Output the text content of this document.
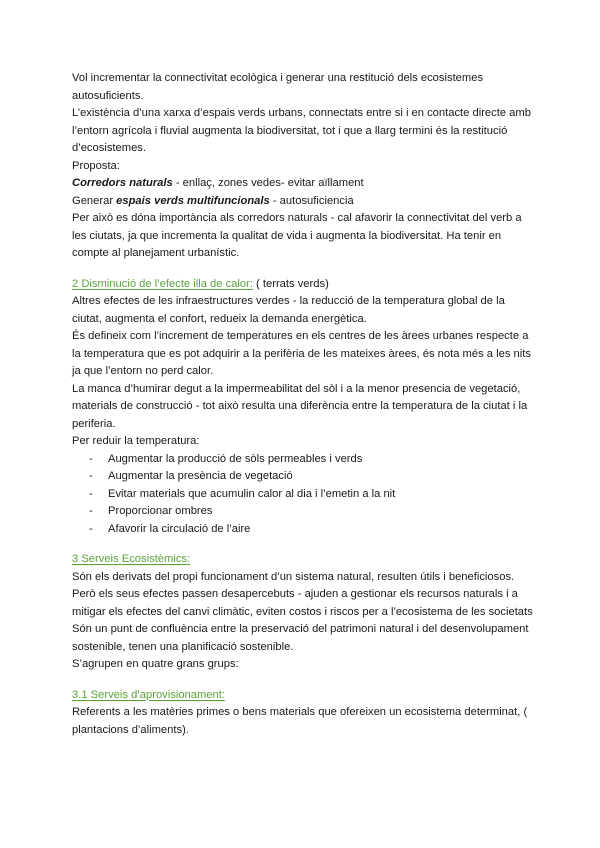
Vol incrementar la connectivitat ecològica i generar una restitució dels ecosistemes autosuficients.

L’existència d’una xarxa d’espais verds urbans, connectats entre si i en contacte directe amb l’entorn agrícola i fluvial augmenta la biodiversitat, tot i que a llarg termini és la restitució d’ecosistemes.

Proposta:

Corredors naturals - enllaç, zones vedes- evitar aïllament

Generar espais verds multifuncionals - autosuficiencia

Per això es dóna importància als corredors naturals - cal afavorir la connectivitat del verb a les ciutats, ja que incrementa la qualitat de vida i augmenta la biodiversitat. Ha tenir en compte al planejament urbanístic.

2 Disminució de l’efecte illa de calor: ( terrats verds)

Altres efectes de les infraestructures verdes - la reducció de la temperatura global de la ciutat, augmenta el confort, redueix la demanda energètica.

És defineix com l’increment de temperatures en els centres de les àrees urbanes respecte a la temperatura que es pot adquirir a la perifèria de les mateixes àrees, és nota més a les nits ja que l’entorn no perd calor.

La manca d’humirar degut a la impermeabilitat del sòl i a la menor presencia de vegetació, materials de construcció - tot això resulta una diferència entre la temperatura de la ciutat i la periferia.

Per reduir la temperatura:

- Augmentar la producció de sòls permeables i verds
- Augmentar la presència de vegetació
- Evitar materials que acumulin calor al dia i l’emetin a la nit
- Proporcionar ombres
- Afavorir la circulació de l’aire

3 Serveis Ecosistèmics:

Són els derivats del propi funcionament d’un sistema natural, resulten útils i beneficiosos.

Però els seus efectes passen desapercebuts - ajuden a gestionar els recursos naturals i a mitigar els efectes del canvi climàtic, eviten costos i riscos per a l’ecosistema de les societats

Són un punt de confluència entre la preservació del patrimoni natural i del desenvolupament sostenible, tenen una planificació sostenible.

S’agrupen en quatre grans grups:

3.1 Serveis d’aprovisionament:

Referents a les matèries primes o bens materials que ofereixen un ecosistema determinat, ( plantacions d’aliments).
